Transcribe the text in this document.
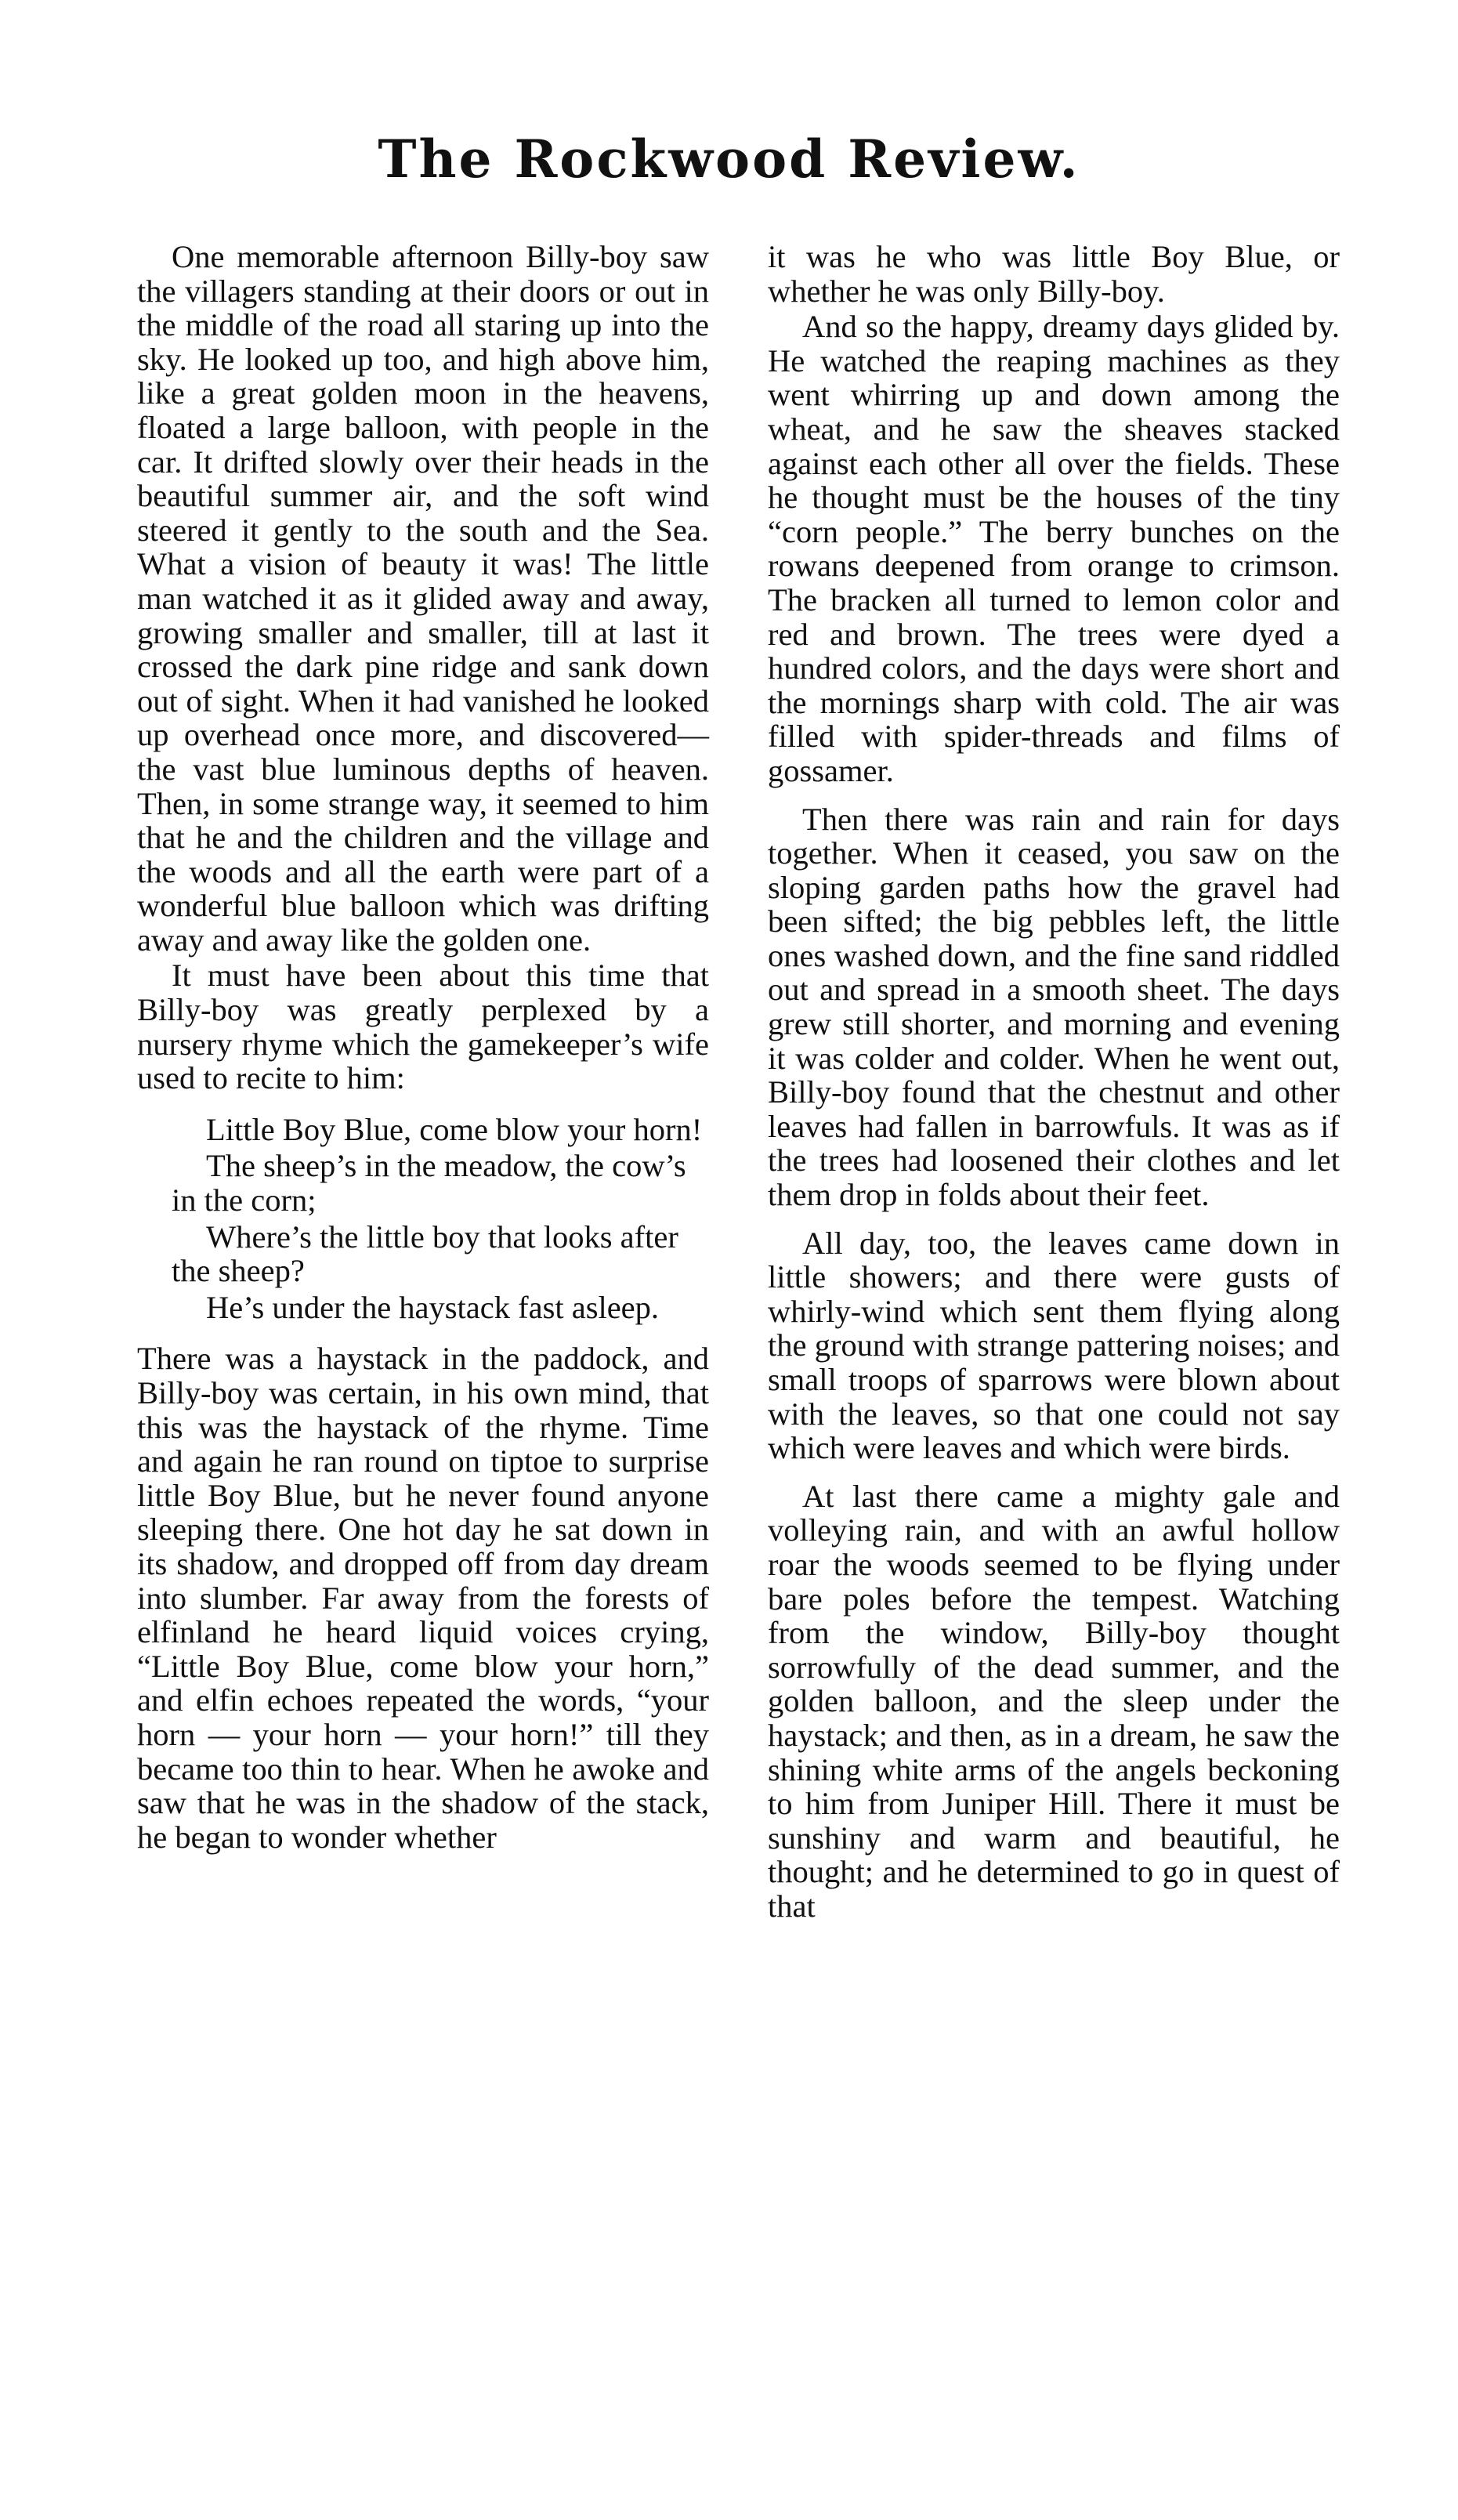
The Rockwood Review.

One memorable afternoon Billy-boy saw the villagers standing at their doors or out in the middle of the road all staring up into the sky. He looked up too, and high above him, like a great golden moon in the heavens, floated a large balloon, with people in the car. It drifted slowly over their heads in the beautiful summer air, and the soft wind steered it gently to the south and the Sea. What a vision of beauty it was! The little man watched it as it glided away and away, growing smaller and smaller, till at last it crossed the dark pine ridge and sank down out of sight. When it had vanished he looked up overhead once more, and discovered—the vast blue luminous depths of heaven. Then, in some strange way, it seemed to him that he and the children and the village and the woods and all the earth were part of a wonderful blue balloon which was drifting away and away like the golden one.

It must have been about this time that Billy-boy was greatly perplexed by a nursery rhyme which the gamekeeper’s wife used to recite to him:

Little Boy Blue, come blow your horn!

The sheep’s in the meadow, the cow’s in the corn;

Where’s the little boy that looks after the sheep?

He’s under the haystack fast asleep.

There was a haystack in the paddock, and Billy-boy was certain, in his own mind, that this was the haystack of the rhyme. Time and again he ran round on tiptoe to surprise little Boy Blue, but he never found anyone sleeping there. One hot day he sat down in its shadow, and dropped off from day dream into slumber. Far away from the forests of elfinland he heard liquid voices crying, “Little Boy Blue, come blow your horn,” and elfin echoes repeated the words, “your horn — your horn — your horn!” till they became too thin to hear. When he awoke and saw that he was in the shadow of the stack, he began to wonder whether

it was he who was little Boy Blue, or whether he was only Billy-boy.

And so the happy, dreamy days glided by. He watched the reaping machines as they went whirring up and down among the wheat, and he saw the sheaves stacked against each other all over the fields. These he thought must be the houses of the tiny “corn people.” The berry bunches on the rowans deepened from orange to crimson. The bracken all turned to lemon color and red and brown. The trees were dyed a hundred colors, and the days were short and the mornings sharp with cold. The air was filled with spider-threads and films of gossamer.

Then there was rain and rain for days together. When it ceased, you saw on the sloping garden paths how the gravel had been sifted; the big pebbles left, the little ones washed down, and the fine sand riddled out and spread in a smooth sheet. The days grew still shorter, and morning and evening it was colder and colder. When he went out, Billy-boy found that the chestnut and other leaves had fallen in barrowfuls. It was as if the trees had loosened their clothes and let them drop in folds about their feet.

All day, too, the leaves came down in little showers; and there were gusts of whirly-wind which sent them flying along the ground with strange pattering noises; and small troops of sparrows were blown about with the leaves, so that one could not say which were leaves and which were birds.

At last there came a mighty gale and volleying rain, and with an awful hollow roar the woods seemed to be flying under bare poles before the tempest. Watching from the window, Billy-boy thought sorrowfully of the dead summer, and the golden balloon, and the sleep under the haystack; and then, as in a dream, he saw the shining white arms of the angels beckoning to him from Juniper Hill. There it must be sunshiny and warm and beautiful, he thought; and he determined to go in quest of that
